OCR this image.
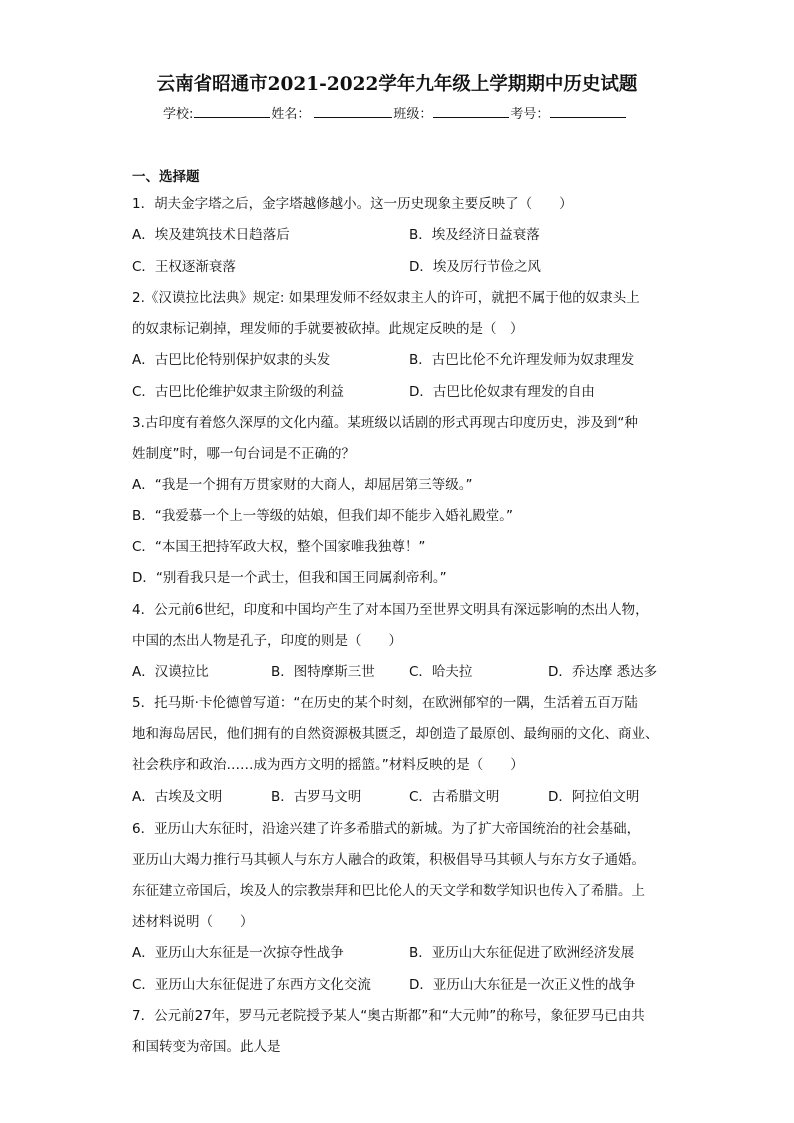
云南省昭通市2021-2022学年九年级上学期期中历史试题
学校:	姓名：	班级：	考号：
一、选择题
1．胡夫金字塔之后，金字塔越修越小。这一历史现象主要反映了（　　）
A．埃及建筑技术日趋落后	B．埃及经济日益衰落
C．王权逐渐衰落	D．埃及厉行节俭之风
2.《汉谟拉比法典》规定: 如果理发师不经奴隶主人的许可，就把不属于他的奴隶头上
的奴隶标记剃掉，理发师的手就要被砍掉。此规定反映的是（　）
A．古巴比伦特别保护奴隶的头发	B．古巴比伦不允许理发师为奴隶理发
C．古巴比伦维护奴隶主阶级的利益	D．古巴比伦奴隶有理发的自由
3.古印度有着悠久深厚的文化内蕴。某班级以话剧的形式再现古印度历史，涉及到“种
姓制度”时，哪一句台词是不正确的？
A．“我是一个拥有万贯家财的大商人，却屈居第三等级。”
B．“我爱慕一个上一等级的姑娘，但我们却不能步入婚礼殿堂。”
C．“本国王把持军政大权，整个国家唯我独尊！”
D．“别看我只是一个武士，但我和国王同属刹帝利。”
4．公元前6世纪，印度和中国均产生了对本国乃至世界文明具有深远影响的杰出人物，
中国的杰出人物是孔子，印度的则是（　　）
A．汉谟拉比	B．图特摩斯三世	C．哈夫拉	D．乔达摩 悉达多
5．托马斯·卡伦德曾写道：“在历史的某个时刻，在欧洲郁窄的一隅，生活着五百万陆
地和海岛居民，他们拥有的自然资源极其匮乏，却创造了最原创、最绚丽的文化、商业、
社会秩序和政治……成为西方文明的摇篮。”材料反映的是（　　）
A．古埃及文明	B．古罗马文明	C．古希腊文明	D．阿拉伯文明
6．亚历山大东征时，沿途兴建了许多希腊式的新城。为了扩大帝国统治的社会基础，
亚历山大竭力推行马其顿人与东方人融合的政策，积极倡导马其顿人与东方女子通婚。
东征建立帝国后，埃及人的宗教崇拜和巴比伦人的天文学和数学知识也传入了希腊。上
述材料说明（　　）
A．亚历山大东征是一次掠夺性战争	B．亚历山大东征促进了欧洲经济发展
C．亚历山大东征促进了东西方文化交流	D．亚历山大东征是一次正义性的战争
7．公元前27年，罗马元老院授予某人“奥古斯都”和“大元帅”的称号，象征罗马已由共
和国转变为帝国。此人是
